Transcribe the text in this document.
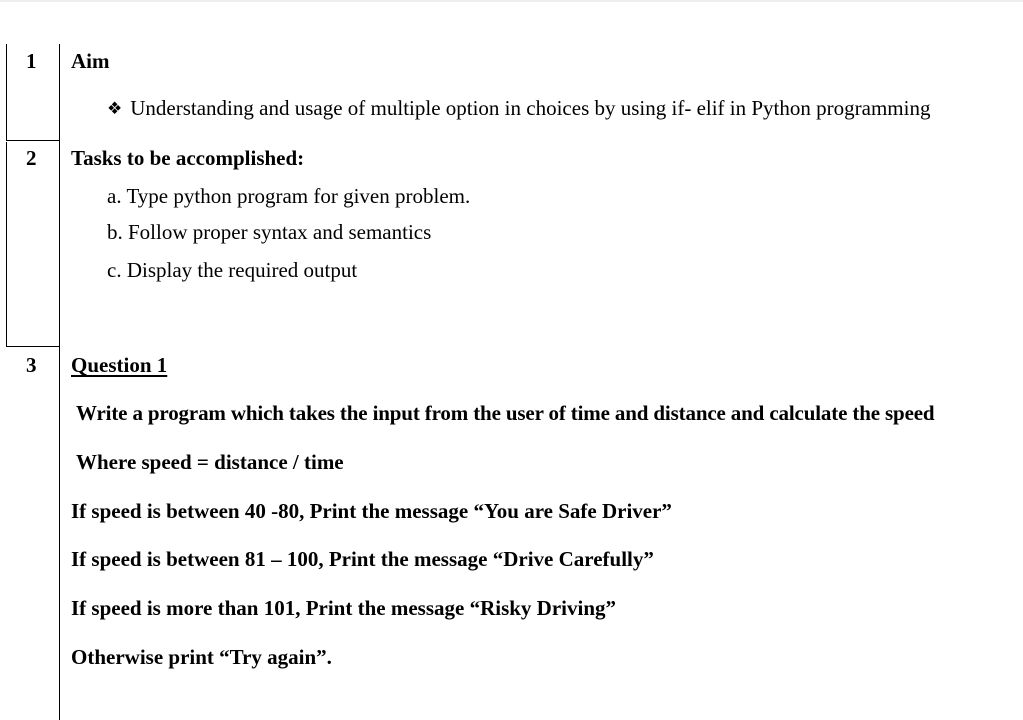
1 Aim
❖ Understanding and usage of multiple option in choices by using if- elif in Python programming
2 Tasks to be accomplished:
a. Type python program for given problem.
b. Follow proper syntax and semantics
c. Display the required output
3 Question 1
Write a program which takes the input from the user of time and distance and calculate the speed
Where speed = distance / time
If speed is between 40 -80, Print the message “You are Safe Driver”
If speed is between 81 – 100, Print the message “Drive Carefully”
If speed is more than 101, Print the message “Risky Driving”
Otherwise print “Try again”.
